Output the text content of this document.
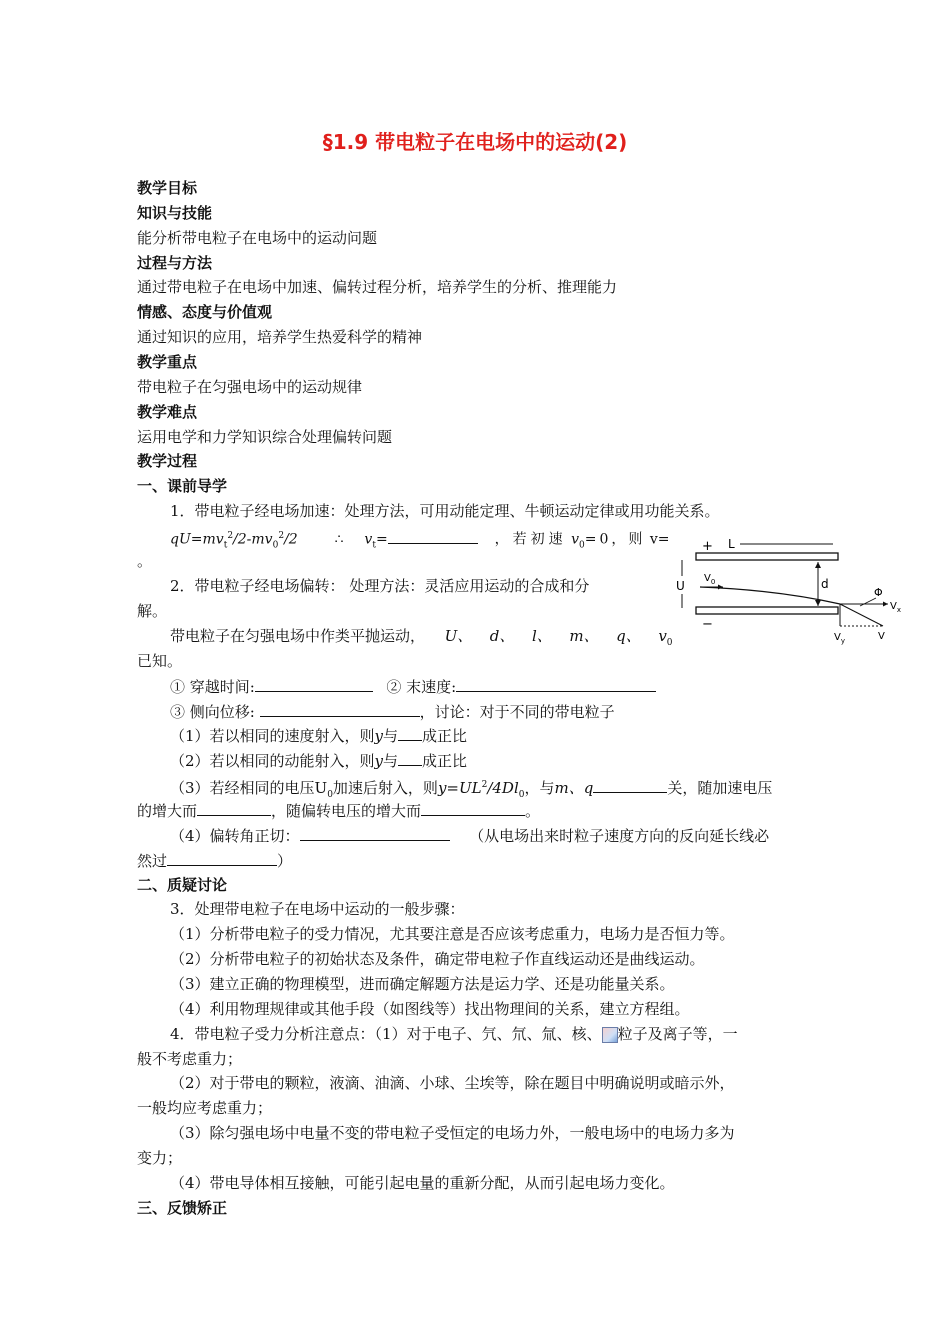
§1.9 带电粒子在电场中的运动(2)
教学目标
知识与技能
能分析带电粒子在电场中的运动问题
过程与方法
通过带电粒子在电场中加速、偏转过程分析，培养学生的分析、推理能力
情感、态度与价值观
通过知识的应用，培养学生热爱科学的精神
教学重点
带电粒子在匀强电场中的运动规律
教学难点
运用电学和力学知识综合处理偏转问题
教学过程
一、课前导学
1．带电粒子经电场加速：处理方法，可用动能定理、牛顿运动定律或用功能关系。
$qU=mv_t^2/2-mv_0^2/2$	∴ $v_t=$	，若初速 $v_0=0$，则 v=
。
2．带电粒子经电场偏转： 处理方法：灵活应用运动的合成和分
解。
带电粒子在匀强电场中作类平抛运动， U、 d、 l、 m、 q、 $v_0$
已知。
① 穿越时间:	② 末速度:
③ 侧向位移:	，讨论：对于不同的带电粒子
（1）若以相同的速度射入，则y与 成正比
（2）若以相同的动能射入，则y与 成正比
（3）若经相同的电压$U_0$加速后射入，则$y=UL^2/4Dl_0$，与m、q	关，随加速电压
的增大而	，随偏转电压的增大而	。
（4）偏转角正切：	（从电场出来时粒子速度方向的反向延长线必
然过	）
二、质疑讨论
3．处理带电粒子在电场中运动的一般步骤：
（1）分析带电粒子的受力情况，尤其要注意是否应该考虑重力，电场力是否恒力等。
（2）分析带电粒子的初始状态及条件，确定带电粒子作直线运动还是曲线运动。
（3）建立正确的物理模型，进而确定解题方法是运力学、还是功能量关系。
（4）利用物理规律或其他手段（如图线等）找出物理间的关系，建立方程组。
4．带电粒子受力分析注意点：（1）对于电子、氕、氘、氚、核、 粒子及离子等，一
般不考虑重力；
（2）对于带电的颗粒，液滴、油滴、小球、尘埃等，除在题目中明确说明或暗示外，
一般均应考虑重力；
（3）除匀强电场中电量不变的带电粒子受恒定的电场力外，一般电场中的电场力多为
变力；
（4）带电导体相互接触，可能引起电量的重新分配，从而引起电场力变化。
三、反馈矫正
+
−
L
U
$V_0$	d
Φ
$V_x$
$V_y$	V
